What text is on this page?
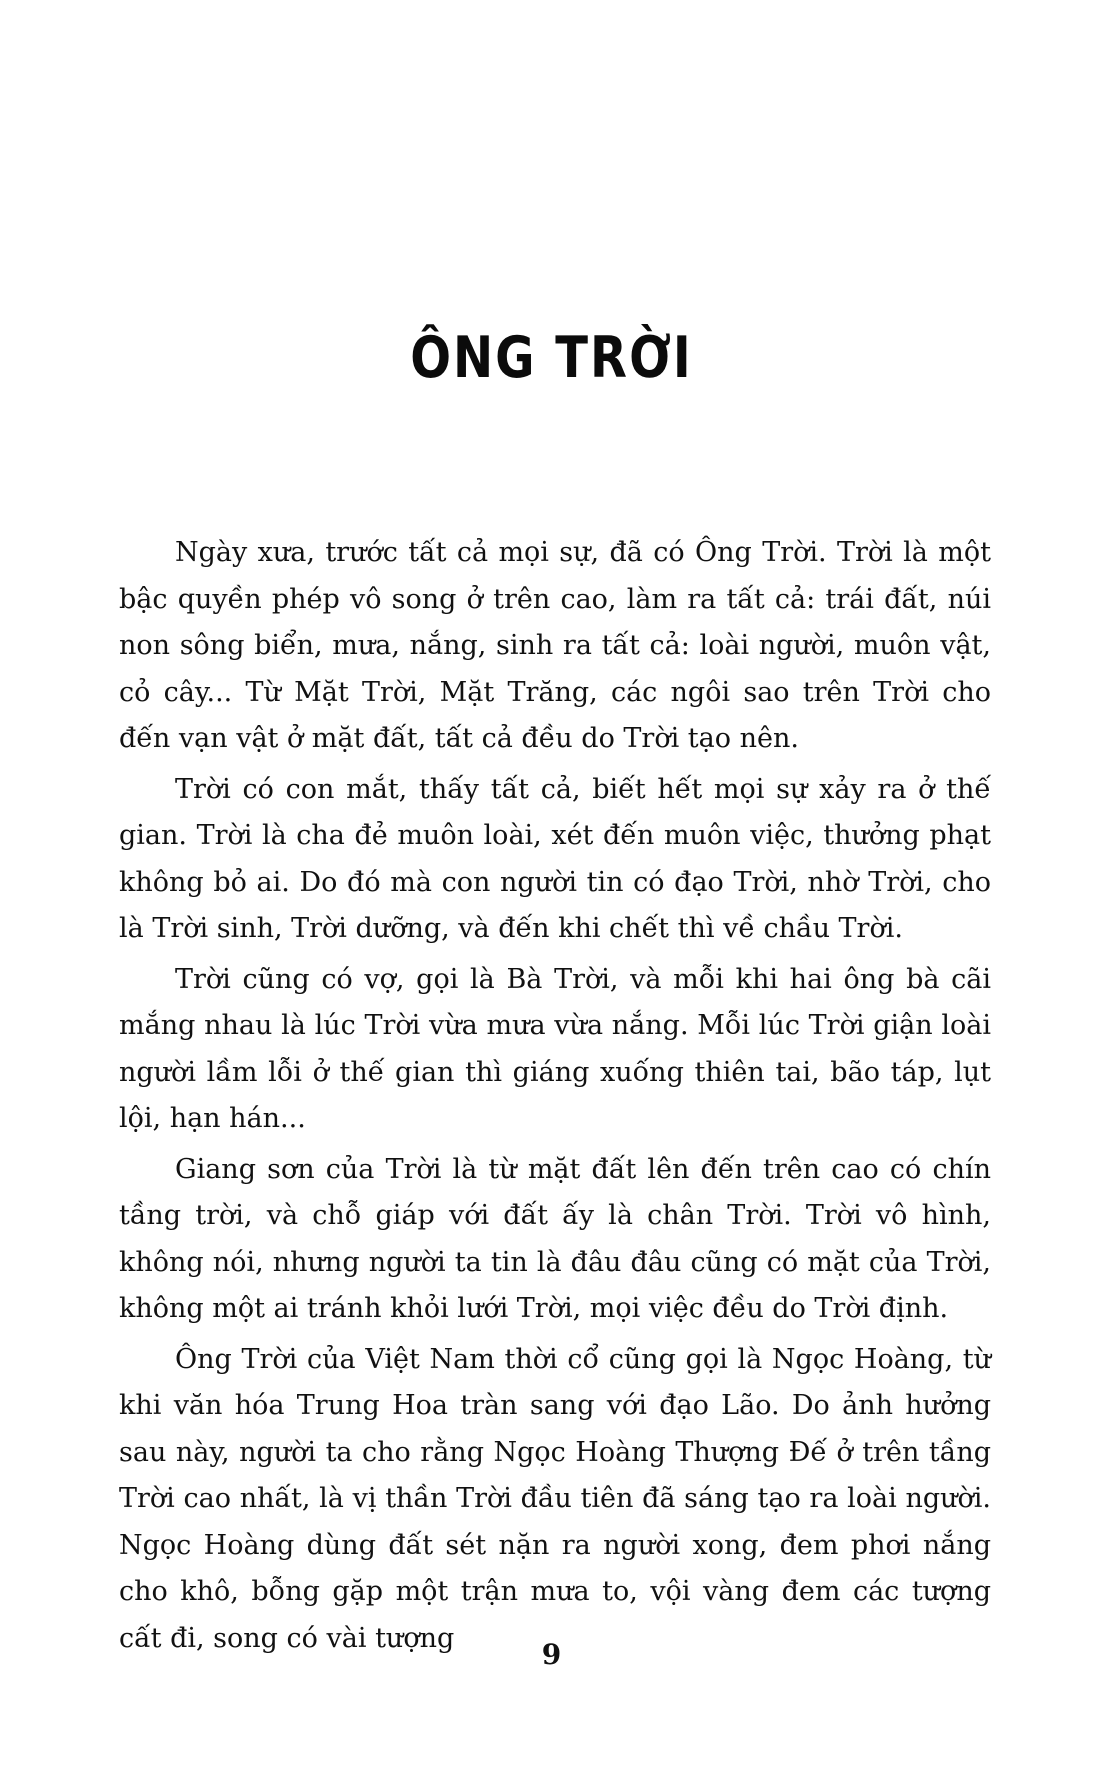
ÔNG TRỜI

Ngày xưa, trước tất cả mọi sự, đã có Ông Trời. Trời là một bậc quyền phép vô song ở trên cao, làm ra tất cả: trái đất, núi non sông biển, mưa, nắng, sinh ra tất cả: loài người, muôn vật, cỏ cây... Từ Mặt Trời, Mặt Trăng, các ngôi sao trên Trời cho đến vạn vật ở mặt đất, tất cả đều do Trời tạo nên.

Trời có con mắt, thấy tất cả, biết hết mọi sự xảy ra ở thế gian. Trời là cha đẻ muôn loài, xét đến muôn việc, thưởng phạt không bỏ ai. Do đó mà con người tin có đạo Trời, nhờ Trời, cho là Trời sinh, Trời dưỡng, và đến khi chết thì về chầu Trời.

Trời cũng có vợ, gọi là Bà Trời, và mỗi khi hai ông bà cãi mắng nhau là lúc Trời vừa mưa vừa nắng. Mỗi lúc Trời giận loài người lầm lỗi ở thế gian thì giáng xuống thiên tai, bão táp, lụt lội, hạn hán...

Giang sơn của Trời là từ mặt đất lên đến trên cao có chín tầng trời, và chỗ giáp với đất ấy là chân Trời. Trời vô hình, không nói, nhưng người ta tin là đâu đâu cũng có mặt của Trời, không một ai tránh khỏi lưới Trời, mọi việc đều do Trời định.

Ông Trời của Việt Nam thời cổ cũng gọi là Ngọc Hoàng, từ khi văn hóa Trung Hoa tràn sang với đạo Lão. Do ảnh hưởng sau này, người ta cho rằng Ngọc Hoàng Thượng Đế ở trên tầng Trời cao nhất, là vị thần Trời đầu tiên đã sáng tạo ra loài người. Ngọc Hoàng dùng đất sét nặn ra người xong, đem phơi nắng cho khô, bỗng gặp một trận mưa to, vội vàng đem các tượng cất đi, song có vài tượng	9
